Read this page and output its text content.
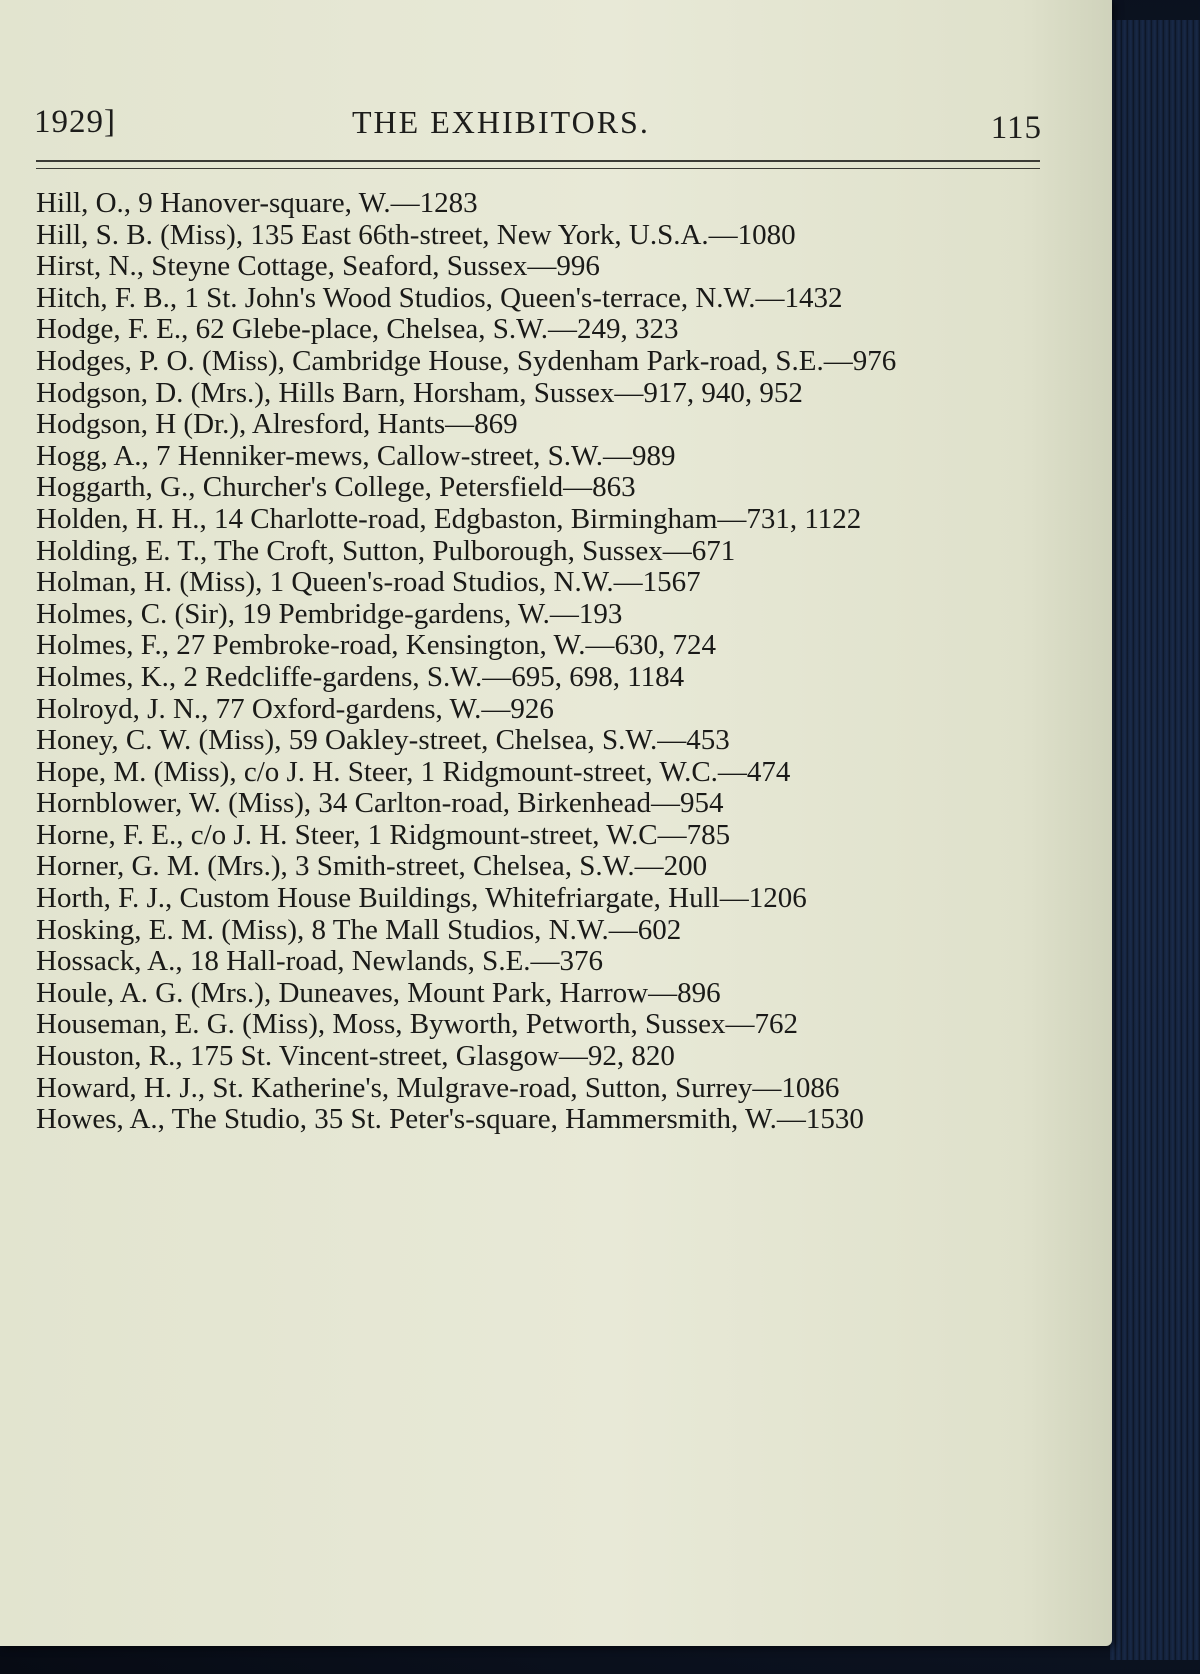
1929]	THE EXHIBITORS.	115

Hill, O., 9 Hanover-square, W.—1283

Hill, S. B. (Miss), 135 East 66th-street, New York, U.S.A.—1080

Hirst, N., Steyne Cottage, Seaford, Sussex—996

Hitch, F. B., 1 St. John's Wood Studios, Queen's-terrace, N.W.—1432

Hodge, F. E., 62 Glebe-place, Chelsea, S.W.—249, 323

Hodges, P. O. (Miss), Cambridge House, Sydenham Park-road, S.E.—976

Hodgson, D. (Mrs.), Hills Barn, Horsham, Sussex—917, 940, 952

Hodgson, H (Dr.), Alresford, Hants—869

Hogg, A., 7 Henniker-mews, Callow-street, S.W.—989

Hoggarth, G., Churcher's College, Petersfield—863

Holden, H. H., 14 Charlotte-road, Edgbaston, Birmingham—731, 1122

Holding, E. T., The Croft, Sutton, Pulborough, Sussex—671

Holman, H. (Miss), 1 Queen's-road Studios, N.W.—1567

Holmes, C. (Sir), 19 Pembridge-gardens, W.—193

Holmes, F., 27 Pembroke-road, Kensington, W.—630, 724

Holmes, K., 2 Redcliffe-gardens, S.W.—695, 698, 1184

Holroyd, J. N., 77 Oxford-gardens, W.—926

Honey, C. W. (Miss), 59 Oakley-street, Chelsea, S.W.—453

Hope, M. (Miss), c/o J. H. Steer, 1 Ridgmount-street, W.C.—474

Hornblower, W. (Miss), 34 Carlton-road, Birkenhead—954

Horne, F. E., c/o J. H. Steer, 1 Ridgmount-street, W.C—785

Horner, G. M. (Mrs.), 3 Smith-street, Chelsea, S.W.—200

Horth, F. J., Custom House Buildings, Whitefriargate, Hull—1206

Hosking, E. M. (Miss), 8 The Mall Studios, N.W.—602

Hossack, A., 18 Hall-road, Newlands, S.E.—376

Houle, A. G. (Mrs.), Duneaves, Mount Park, Harrow—896

Houseman, E. G. (Miss), Moss, Byworth, Petworth, Sussex—762

Houston, R., 175 St. Vincent-street, Glasgow—92, 820

Howard, H. J., St. Katherine's, Mulgrave-road, Sutton, Surrey—1086

Howes, A., The Studio, 35 St. Peter's-square, Hammersmith, W.—1530
